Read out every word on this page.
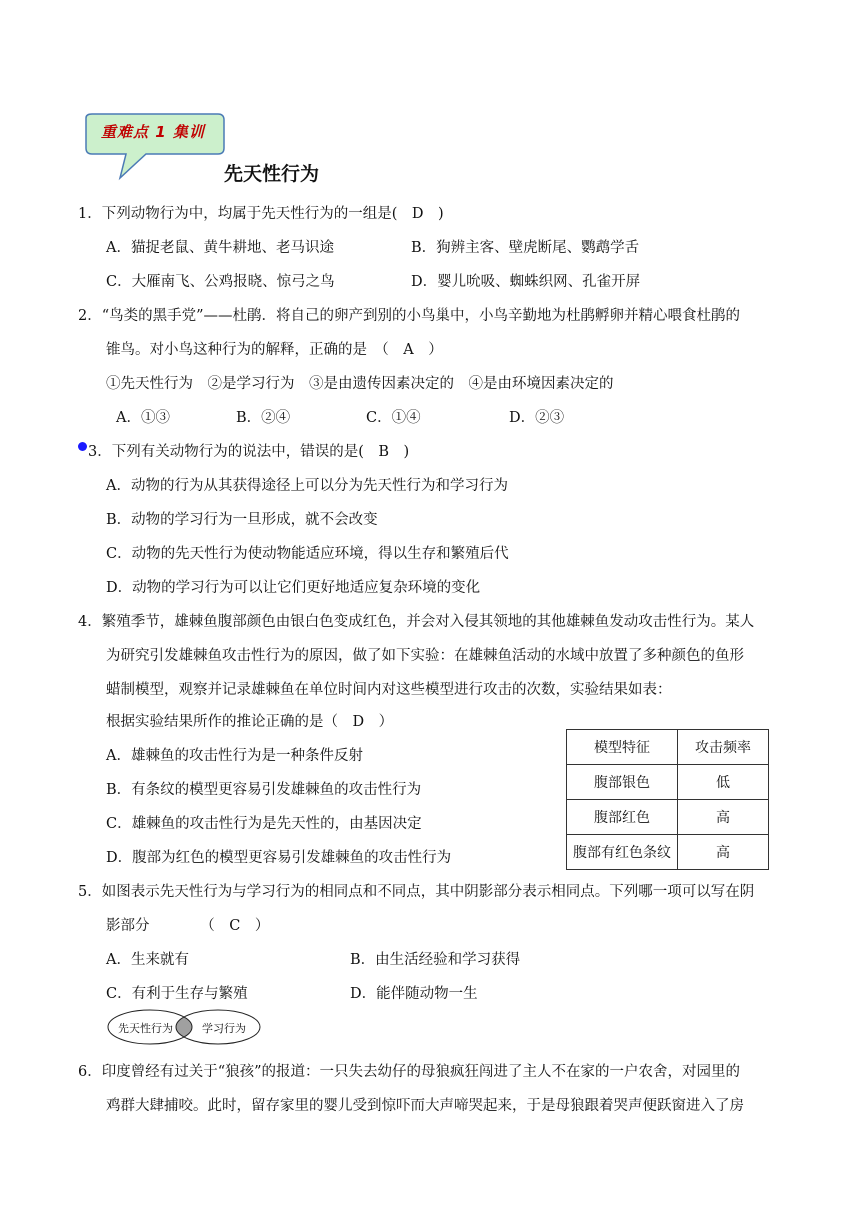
重难点 1 集训
先天性行为
1．下列动物行为中，均属于先天性行为的一组是(　D　)
A．猫捉老鼠、黄牛耕地、老马识途	B．狗辨主客、壁虎断尾、鹦鹉学舌
C．大雁南飞、公鸡报晓、惊弓之鸟	D．婴儿吮吸、蜘蛛织网、孔雀开屏
2．“鸟类的黑手党”——杜鹃．将自己的卵产到别的小鸟巢中，小鸟辛勤地为杜鹃孵卵并精心喂食杜鹃的
锥鸟。对小鸟这种行为的解释，正确的是　（　A　）
①先天性行为　②是学习行为　③是由遗传因素决定的　④是由环境因素决定的
A．①③	B．②④	C．①④	D．②③
3．下列有关动物行为的说法中，错误的是(　B　)
A．动物的行为从其获得途径上可以分为先天性行为和学习行为
B．动物的学习行为一旦形成，就不会改变
C．动物的先天性行为使动物能适应环境，得以生存和繁殖后代
D．动物的学习行为可以让它们更好地适应复杂环境的变化
4．繁殖季节，雄棘鱼腹部颜色由银白色变成红色，并会对入侵其领地的其他雄棘鱼发动攻击性行为。某人
为研究引发雄棘鱼攻击性行为的原因，做了如下实验：在雄棘鱼活动的水域中放置了多种颜色的鱼形
蜡制模型，观察并记录雄棘鱼在单位时间内对这些模型进行攻击的次数，实验结果如表：
根据实验结果所作的推论正确的是（　D　）
A．雄棘鱼的攻击性行为是一种条件反射
B．有条纹的模型更容易引发雄棘鱼的攻击性行为
C．雄棘鱼的攻击性行为是先天性的，由基因决定
D．腹部为红色的模型更容易引发雄棘鱼的攻击性行为
模型特征	攻击频率
腹部银色	低
腹部红色	高
腹部有红色条纹	高
5．如图表示先天性行为与学习行为的相同点和不同点，其中阴影部分表示相同点。下列哪一项可以写在阴
影部分　　　　（　C　）
A．生来就有	B．由生活经验和学习获得
C．有利于生存与繁殖	D．能伴随动物一生
先天性行为	学习行为
6．印度曾经有过关于“狼孩”的报道：一只失去幼仔的母狼疯狂闯进了主人不在家的一户农舍，对园里的
鸡群大肆捕咬。此时，留存家里的婴儿受到惊吓而大声啼哭起来，于是母狼跟着哭声便跃窗进入了房
